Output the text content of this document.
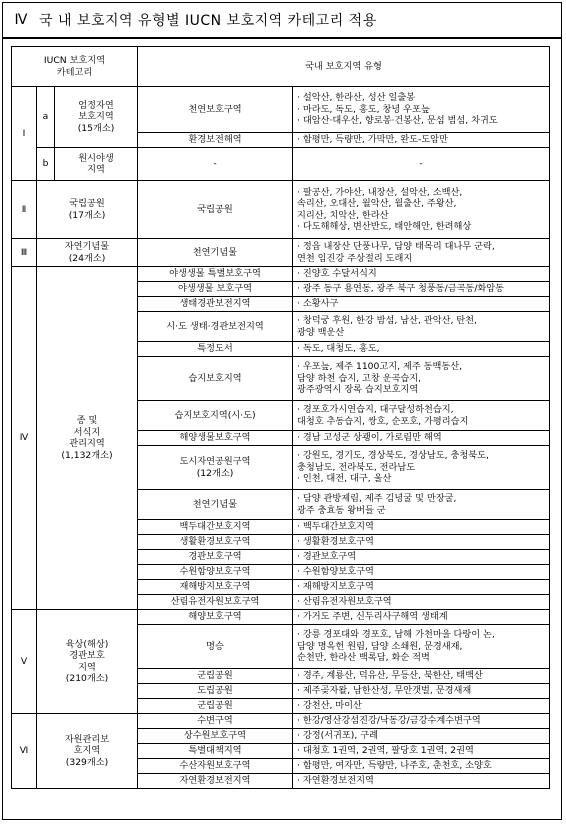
Ⅳ 국 내 보호지역 유형별 IUCN 보호지역 카테고리 적용
IUCN 보호지역
카테고리			국내 보호지역 유형	

Ⅰ	a	엄정자연
보호지역
(15개소)	천연보호구역	· 설악산, 한라산, 성산 일출봉
· 마라도, 독도, 홍도, 창녕 우포늪
· 대암산·대우산, 향로봉·건봉산, 문섬 범섬, 차귀도

			환경보전해역	· 함평만, 득량만, 가막만, 완도-도암만

	b	원시야생
지역	-	-

Ⅱ	국립공원
(17개소)		국립공원	· 팔공산, 가야산, 내장산, 설악산, 소백산,
속리산, 오대산, 월악산, 월출산, 주왕산,
지리산, 치악산, 한라산
· 다도해해상, 변산반도, 태안해안, 한려해상

Ⅲ	자연기념물
(24개소)		천연기념물	· 정읍 내장산 단풍나무, 담양 태목리 대나무 군락,
연천 임진강 주상절리 도래지

Ⅳ	종 및
서식지
관리지역
(1,132개소)		야생생물 특별보호구역	· 진양호 수달서식지

			야생생물 보호구역	· 광주 동구 용연동, 광주 북구 청풍동/금곡동/화암동

			생태경관보전지역	· 소황사구

			시·도 생태·경관보전지역	· 창덕궁 후원, 한강 밤섬, 남산, 관악산, 탄천,
광양 백운산

			특정도서	· 독도, 대청도, 홍도,

			습지보호지역	· 우포늪, 제주 1100고지, 제주 동백동산,
담양 하천 습지, 고창 운곡습지,
광주광역시 장록 습지보호지역

			습지보호지역(시·도)	· 경포호가시연습지, 대구달성하천습지,
대청호 추동습지, 쌍호, 순포호, 가평리습지

			해양생물보호구역	· 경남 고성군 상괭이, 가로림만 해역

			도시자연공원구역
(12개소)	· 강원도, 경기도, 경상북도, 경상남도, 충청북도,
충청남도, 전라북도, 전라남도
· 인천, 대전, 대구, 울산

			천연기념물	· 담양 관방제림, 제주 김녕굴 및 만장굴,
광주 충효동 왕버들 군

			백두대간보호지역	· 백두대간보호지역

			생활환경보호구역	· 생활환경보호구역

			경관보호구역	· 경관보호구역

			수원함양보호구역	· 수원함양보호구역

			재해방지보호구역	· 재해방지보호구역

			산림유전자원보호구역	· 산림유전자원보호구역

Ⅴ	육상(해상)
경관보호
지역
(210개소)		해양보호구역	· 가거도 주변, 신두리사구해역 생태계

			명승	· 강릉 경포대와 경포호, 남해 가천마을 다랑이 논,
담양 명옥헌 원림, 담양 소쇄원, 문경새재,
순천만, 한라산 백록담, 화순 적벽

			군립공원	· 경주, 계룡산, 덕유산, 무등산, 북한산, 태백산

			도립공원	· 제주곶자왈, 남한산성, 무안갯벌, 문경새재

			군립공원	· 강천산, 마이산

Ⅵ	자원관리보
호지역
(329개소)		수변구역	· 한강/영산강섬진강/낙동강/금강수계수변구역

			상수원보호구역	· 강정(서귀포), 구례

			특별대책지역	· 대청호 1권역, 2권역, 팔당호 1권역, 2권역

			수산자원보호구역	· 함평만, 여자만, 득량만, 나주호, 춘천호, 소양호

			자연환경보전지역	· 자연환경보전지역
